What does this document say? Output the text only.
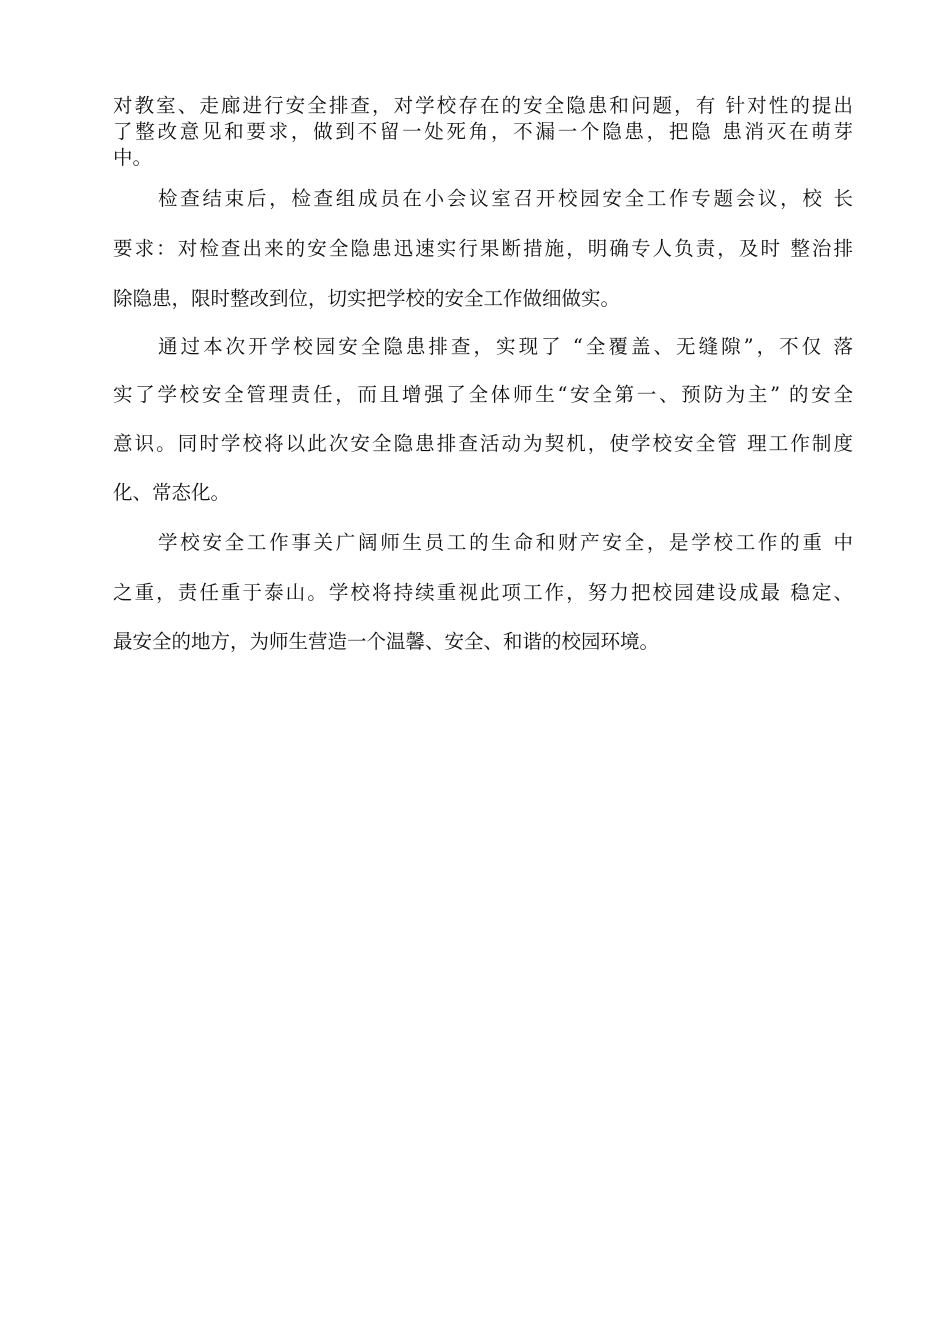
对教室、走廊进行安全排查，对学校存在的安全隐患和问题，有 针对性的提出
了整改意见和要求，做到不留一处死角，不漏一个隐患，把隐 患消灭在萌芽
中。
检查结束后，检查组成员在小会议室召开校园安全工作专题会议，校 长
要求：对检查出来的安全隐患迅速实行果断措施，明确专人负责，及时 整治排
除隐患，限时整改到位，切实把学校的安全工作做细做实。
通过本次开学校园安全隐患排查，实现了 “全覆盖、无缝隙”，不仅 落
实了学校安全管理责任，而且增强了全体师生“安全第一、预防为主” 的安全
意识。同时学校将以此次安全隐患排查活动为契机，使学校安全管 理工作制度
化、常态化。
学校安全工作事关广阔师生员工的生命和财产安全，是学校工作的重 中
之重，责任重于泰山。学校将持续重视此项工作，努力把校园建设成最 稳定、
最安全的地方，为师生营造一个温馨、安全、和谐的校园环境。
